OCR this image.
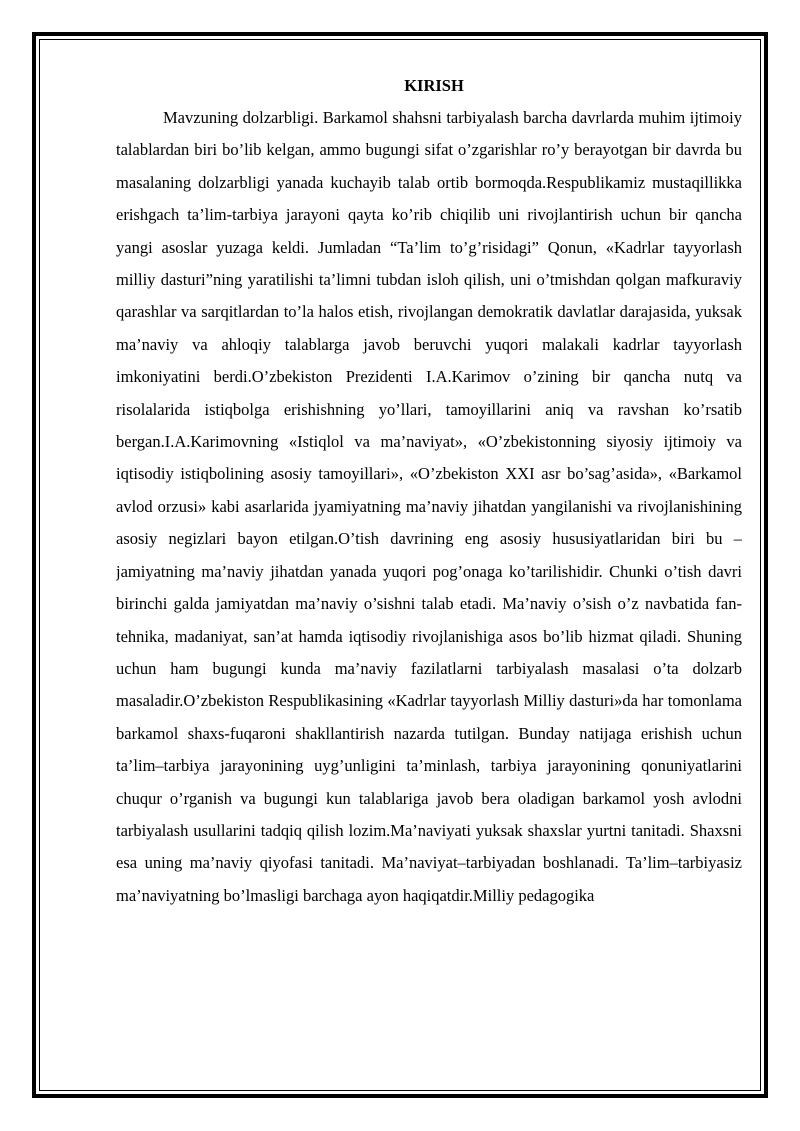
KIRISH

Mavzuning dolzarbligi. Barkamol shahsni tarbiyalash barcha davrlarda muhim ijtimoiy talablardan biri bo’lib kelgan, ammo bugungi sifat o’zgarishlar ro’y berayotgan bir davrda bu masalaning dolzarbligi yanada kuchayib talab ortib bormoqda.Respublikamiz mustaqillikka erishgach ta’lim-tarbiya jarayoni qayta ko’rib chiqilib uni rivojlantirish uchun bir qancha yangi asoslar yuzaga keldi. Jumladan “Ta’lim to’g’risidagi” Qonun, «Kadrlar tayyorlash milliy dasturi”ning yaratilishi ta’limni tubdan isloh qilish, uni o’tmishdan qolgan mafkuraviy qarashlar va sarqitlardan to’la halos etish, rivojlangan demokratik davlatlar darajasida, yuksak ma’naviy va ahloqiy talablarga javob beruvchi yuqori malakali kadrlar tayyorlash imkoniyatini berdi.O’zbekiston Prezidenti I.A.Karimov o’zining bir qancha nutq va risolalarida istiqbolga erishishning yo’llari, tamoyillarini aniq va ravshan ko’rsatib bergan.I.A.Karimovning «Istiqlol va ma’naviyat», «O’zbekistonning siyosiy ijtimoiy va iqtisodiy istiqbolining asosiy tamoyillari», «O’zbekiston XXI asr bo’sag’asida», «Barkamol avlod orzusi» kabi asarlarida jyamiyatning ma’naviy jihatdan yangilanishi va rivojlanishining asosiy negizlari bayon etilgan.O’tish davrining eng asosiy hususiyatlaridan biri bu – jamiyatning ma’naviy jihatdan yanada yuqori pog’onaga ko’tarilishidir. Chunki o’tish davri birinchi galda jamiyatdan ma’naviy o’sishni talab etadi. Ma’naviy o’sish o’z navbatida fan-tehnika, madaniyat, san’at hamda iqtisodiy rivojlanishiga asos bo’lib hizmat qiladi. Shuning uchun ham bugungi kunda ma’naviy fazilatlarni tarbiyalash masalasi o’ta dolzarb masaladir.O’zbekiston Respublikasining «Kadrlar tayyorlash Milliy dasturi»da har tomonlama barkamol shaxs-fuqaroni shakllantirish nazarda tutilgan. Bunday natijaga erishish uchun ta’lim–tarbiya jarayonining uyg’unligini ta’minlash, tarbiya jarayonining qonuniyatlarini chuqur o’rganish va bugungi kun talablariga javob bera oladigan barkamol yosh avlodni tarbiyalash usullarini tadqiq qilish lozim.Ma’naviyati yuksak shaxslar yurtni tanitadi. Shaxsni esa uning ma’naviy qiyofasi tanitadi. Ma’naviyat–tarbiyadan boshlanadi. Ta’lim–tarbiyasiz ma’naviyatning bo’lmasligi barchaga ayon haqiqatdir.Milliy pedagogika
